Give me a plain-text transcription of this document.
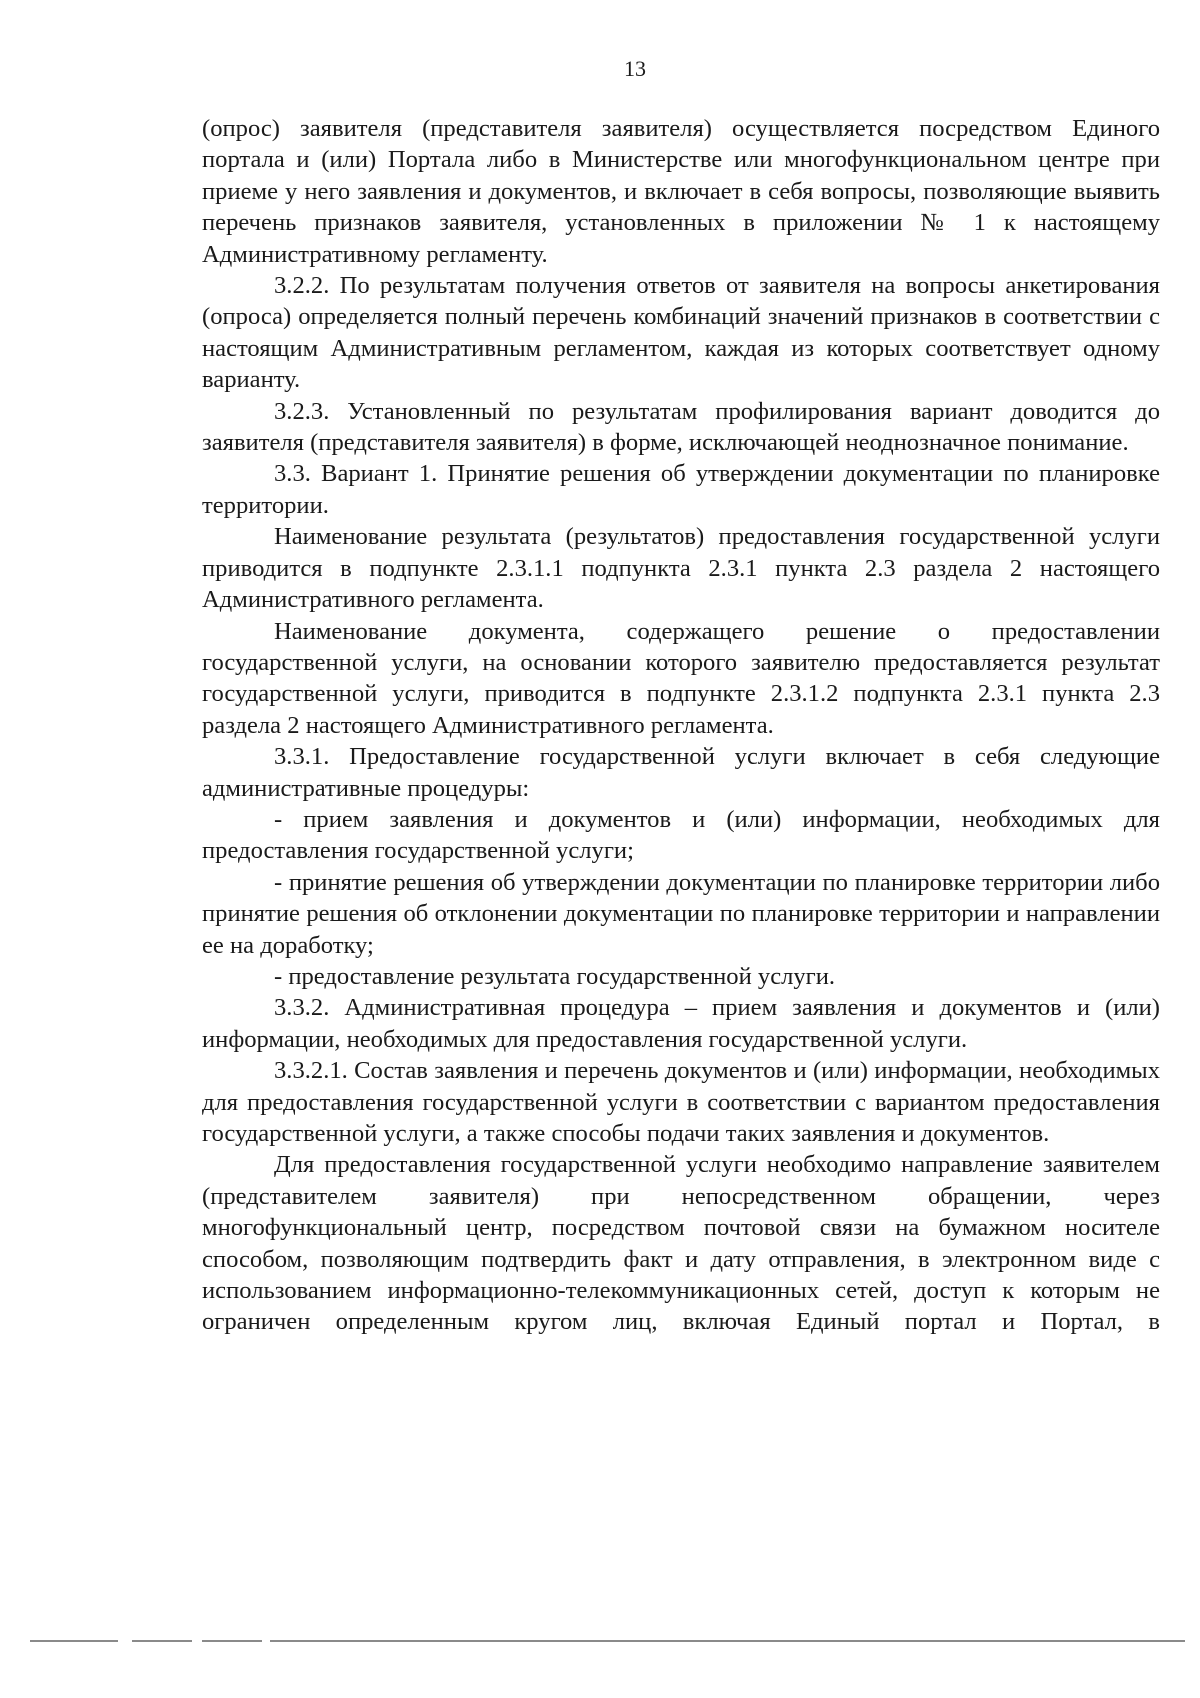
13

(опрос) заявителя (представителя заявителя) осуществляется посредством Единого портала и (или) Портала либо в Министерстве или многофункциональном центре при приеме у него заявления и документов, и включает в себя вопросы, позволяющие выявить перечень признаков заявителя, установленных в приложении № 1 к настоящему Административному регламенту.

3.2.2. По результатам получения ответов от заявителя на вопросы анкетирования (опроса) определяется полный перечень комбинаций значений признаков в соответствии с настоящим Административным регламентом, каждая из которых соответствует одному варианту.

3.2.3. Установленный по результатам профилирования вариант доводится до заявителя (представителя заявителя) в форме, исключающей неоднозначное понимание.

3.3. Вариант 1. Принятие решения об утверждении документации по планировке территории.

Наименование результата (результатов) предоставления государственной услуги приводится в подпункте 2.3.1.1 подпункта 2.3.1 пункта 2.3 раздела 2 настоящего Административного регламента.

Наименование документа, содержащего решение о предоставлении государственной услуги, на основании которого заявителю предоставляется результат государственной услуги, приводится в подпункте 2.3.1.2 подпункта 2.3.1 пункта 2.3 раздела 2 настоящего Административного регламента.

3.3.1. Предоставление государственной услуги включает в себя следующие административные процедуры:

- прием заявления и документов и (или) информации, необходимых для предоставления государственной услуги;

- принятие решения об утверждении документации по планировке территории либо принятие решения об отклонении документации по планировке территории и направлении ее на доработку;

- предоставление результата государственной услуги.

3.3.2. Административная процедура – прием заявления и документов и (или) информации, необходимых для предоставления государственной услуги.

3.3.2.1. Состав заявления и перечень документов и (или) информации, необходимых для предоставления государственной услуги в соответствии с вариантом предоставления государственной услуги, а также способы подачи таких заявления и документов.

Для предоставления государственной услуги необходимо направление заявителем (представителем заявителя) при непосредственном обращении, через многофункциональный центр, посредством почтовой связи на бумажном носителе способом, позволяющим подтвердить факт и дату отправления, в электронном виде с использованием информационно-телекоммуникационных сетей, доступ к которым не ограничен определенным кругом лиц, включая Единый портал и Портал, в
